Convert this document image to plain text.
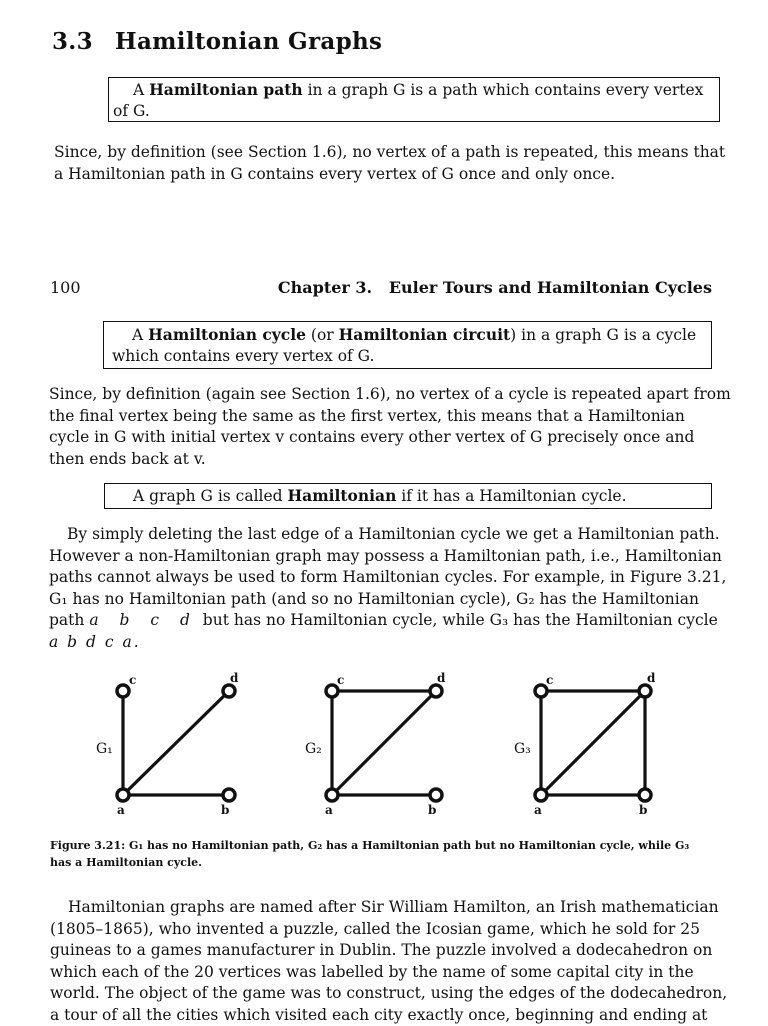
3.3 Hamiltonian Graphs
A Hamiltonian path in a graph G is a path which contains every vertex
of G.

Since, by definition (see Section 1.6), no vertex of a path is repeated, this means that

a Hamiltonian path in G contains every vertex of G once and only once.

100	Chapter 3.   Euler Tours and Hamiltonian Cycles
A Hamiltonian cycle (or Hamiltonian circuit) in a graph G is a cycle
which contains every vertex of G.

Since, by definition (again see Section 1.6), no vertex of a cycle is repeated apart from

the final vertex being the same as the first vertex, this means that a Hamiltonian

cycle in G with initial vertex v contains every other vertex of G precisely once and

then ends back at v.

A graph G is called Hamiltonian if it has a Hamiltonian cycle.

By simply deleting the last edge of a Hamiltonian cycle we get a Hamiltonian path.

However a non-Hamiltonian graph may possess a Hamiltonian path, i.e., Hamiltonian

paths cannot always be used to form Hamiltonian cycles. For example, in Figure 3.21,

G₁ has no Hamiltonian path (and so no Hamiltonian cycle), G₂ has the Hamiltonian

path a b c d but has no Hamiltonian cycle, while G₃ has the Hamiltonian cycle

a b d c a.

c	d
a	b
c	d
a	b
c	d
a	b
G₁	G₂	G₃

Figure 3.21: G₁ has no Hamiltonian path, G₂ has a Hamiltonian path but no Hamiltonian cycle, while G₃

has a Hamiltonian cycle.

Hamiltonian graphs are named after Sir William Hamilton, an Irish mathematician

(1805–1865), who invented a puzzle, called the Icosian game, which he sold for 25

guineas to a games manufacturer in Dublin. The puzzle involved a dodecahedron on

which each of the 20 vertices was labelled by the name of some capital city in the

world. The object of the game was to construct, using the edges of the dodecahedron,

a tour of all the cities which visited each city exactly once, beginning and ending at
